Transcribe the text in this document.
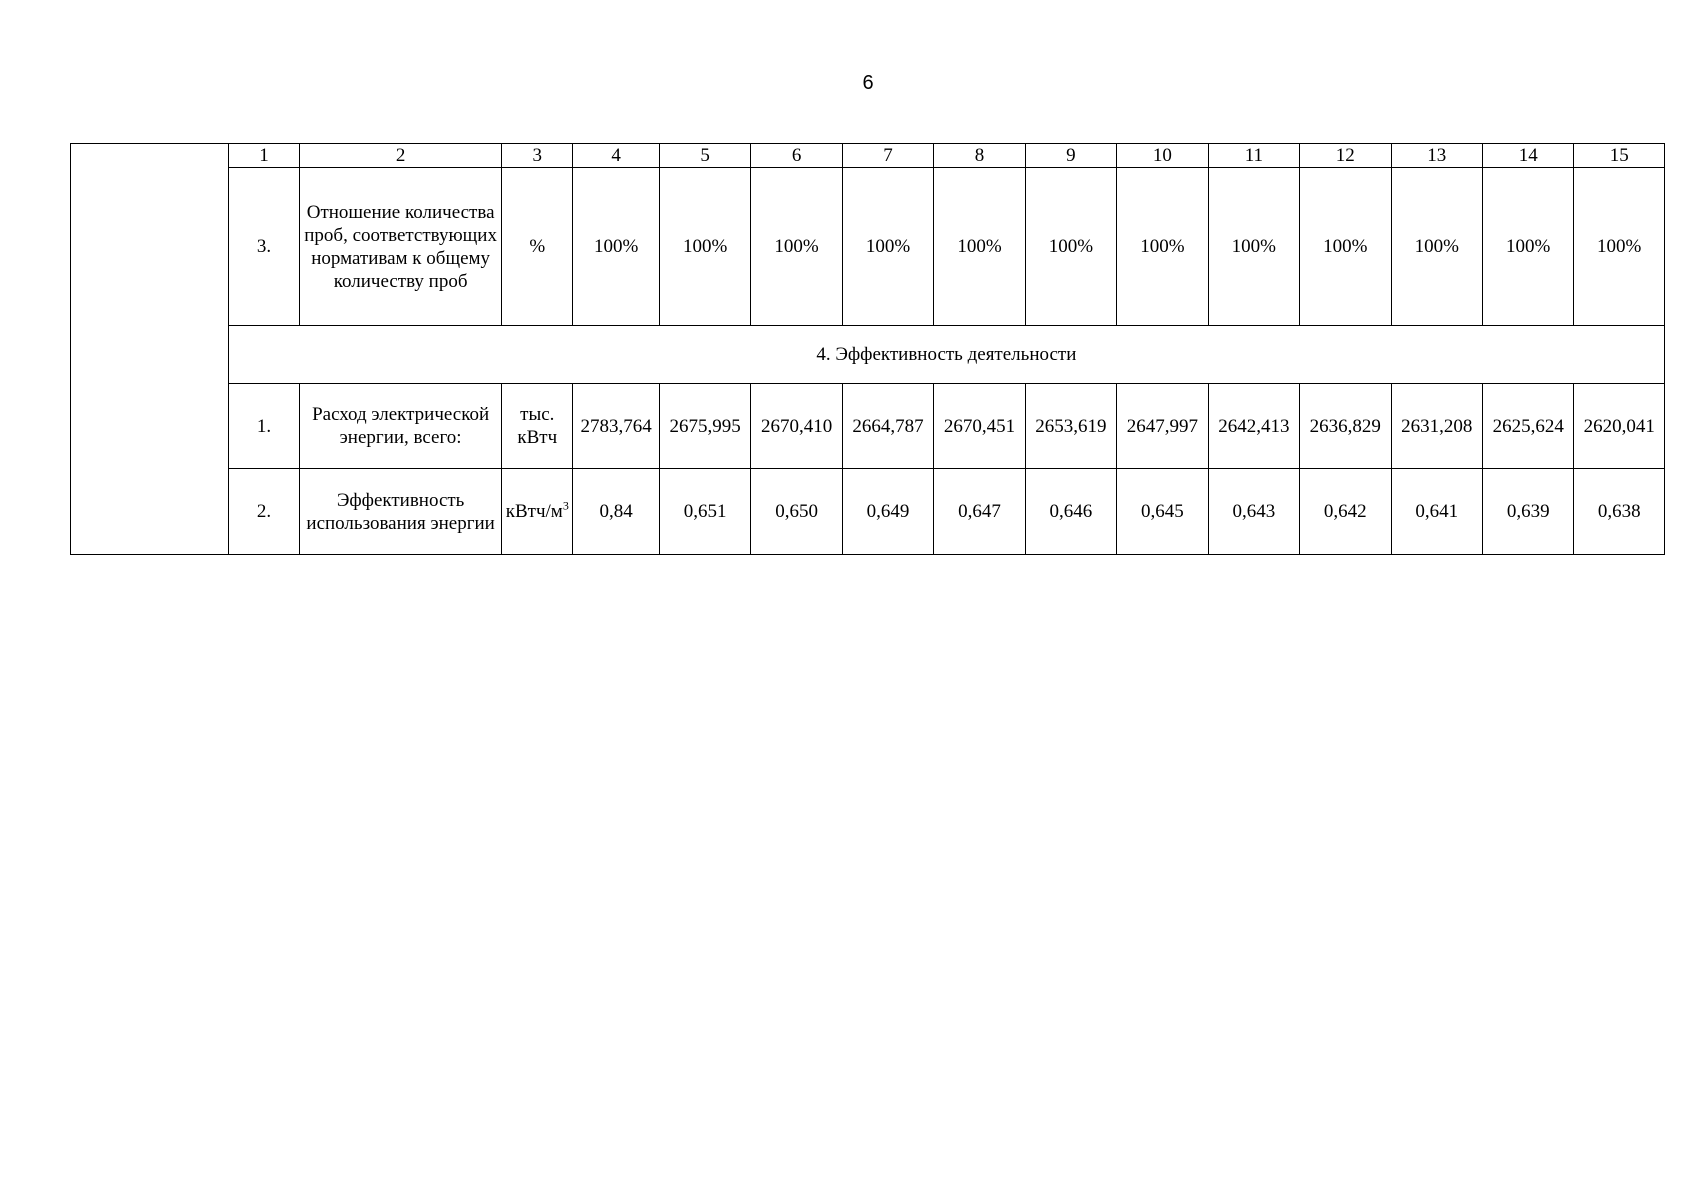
6
	1	2	3	4	5	6	7	8	9	10	11	12	13	14	15
	3.	Отношение количества проб, соответствующих нормативам к общему количеству проб	%	100%	100%	100%	100%	100%	100%	100%	100%	100%	100%	100%	100%
	4. Эффективность деятельности														
	1.	Расход электрической энергии, всего:	тыс. кВтч	2783,764	2675,995	2670,410	2664,787	2670,451	2653,619	2647,997	2642,413	2636,829	2631,208	2625,624	2620,041
	2.	Эффективность использования энергии	кВтч/$м^3$	0,84	0,651	0,650	0,649	0,647	0,646	0,645	0,643	0,642	0,641	0,639	0,638
